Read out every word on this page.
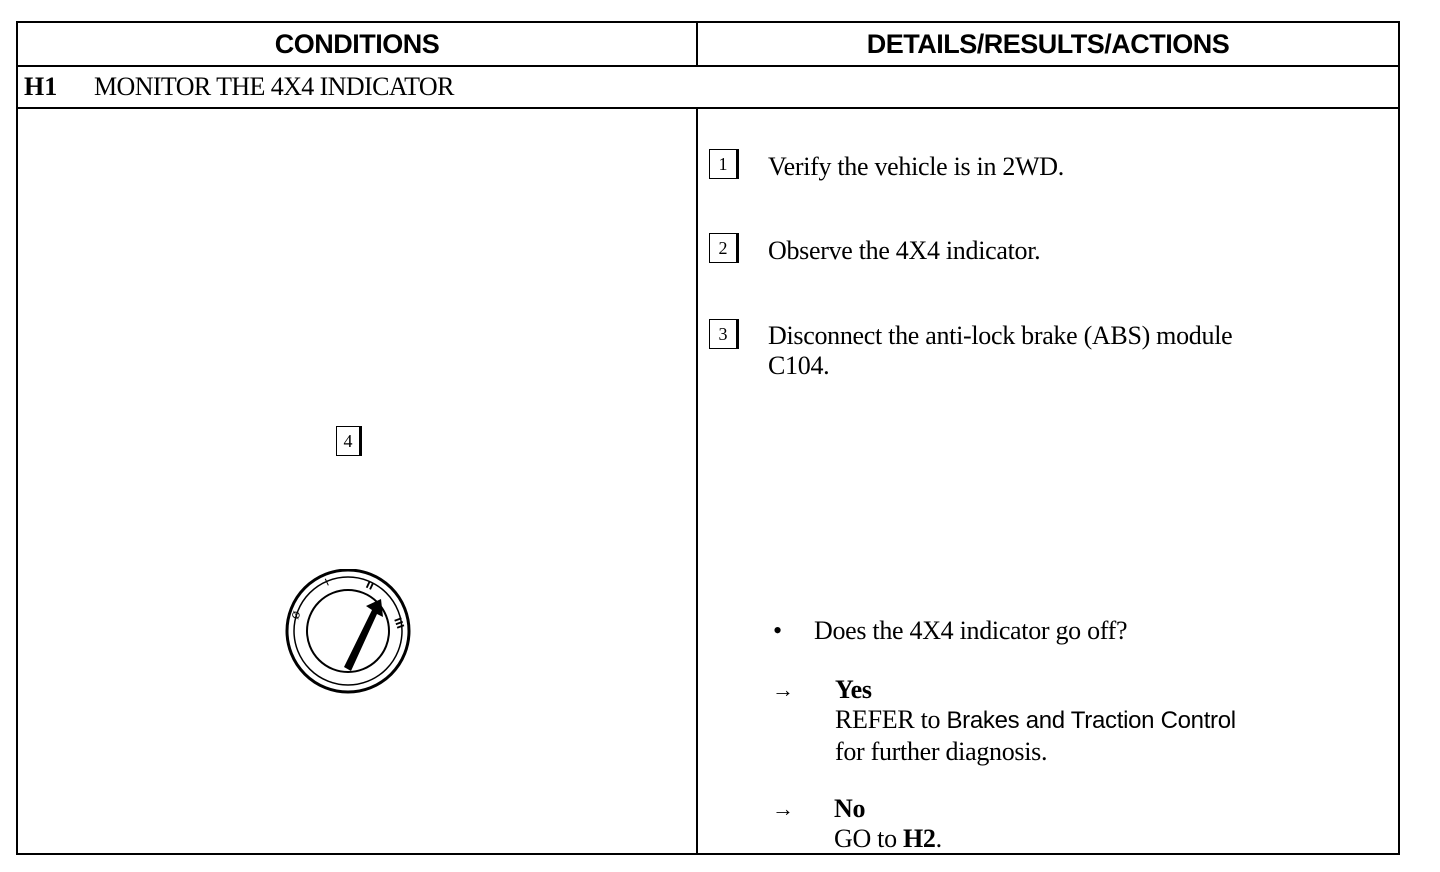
CONDITIONS	DETAILS/RESULTS/ACTIONS
H1 MONITOR THE 4X4 INDICATOR
4
Ø
I	II
III
1	Verify the vehicle is in 2WD.
2	Observe the 4X4 indicator.
3	Disconnect the anti-lock brake (ABS) module
C104.
• Does the 4X4 indicator go off?
→ Yes
REFER to Brakes and Traction Control
for further diagnosis.
→ No
GO to H2.
